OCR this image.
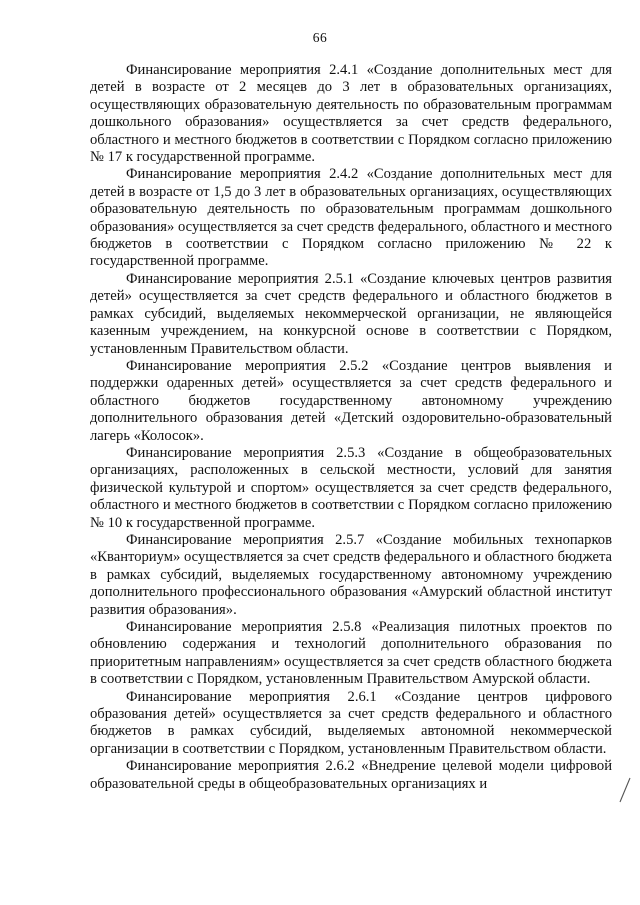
66

Финансирование мероприятия 2.4.1 «Создание дополнительных мест для детей в возрасте от 2 месяцев до 3 лет в образовательных организациях, осуществляющих образовательную деятельность по образовательным программам дошкольного образования» осуществляется за счет средств федерального, областного и местного бюджетов в соответствии с Порядком согласно приложению № 17 к государственной программе.

Финансирование мероприятия 2.4.2 «Создание дополнительных мест для детей в возрасте от 1,5 до 3 лет в образовательных организациях, осуществляющих образовательную деятельность по образовательным программам дошкольного образования» осуществляется за счет средств федерального, областного и местного бюджетов в соответствии с Порядком согласно приложению № 22 к государственной программе.

Финансирование мероприятия 2.5.1 «Создание ключевых центров развития детей» осуществляется за счет средств федерального и областного бюджетов в рамках субсидий, выделяемых некоммерческой организации, не являющейся казенным учреждением, на конкурсной основе в соответствии с Порядком, установленным Правительством области.

Финансирование мероприятия 2.5.2 «Создание центров выявления и поддержки одаренных детей» осуществляется за счет средств федерального и областного бюджетов государственному автономному учреждению дополнительного образования детей «Детский оздоровительно-образовательный лагерь «Колосок».

Финансирование мероприятия 2.5.3 «Создание в общеобразовательных организациях, расположенных в сельской местности, условий для занятия физической культурой и спортом» осуществляется за счет средств федерального, областного и местного бюджетов в соответствии с Порядком согласно приложению № 10 к государственной программе.

Финансирование мероприятия 2.5.7 «Создание мобильных технопарков «Кванториум» осуществляется за счет средств федерального и областного бюджета в рамках субсидий, выделяемых государственному автономному учреждению дополнительного профессионального образования «Амурский областной институт развития образования».

Финансирование мероприятия 2.5.8 «Реализация пилотных проектов по обновлению содержания и технологий дополнительного образования по приоритетным направлениям» осуществляется за счет средств областного бюджета в соответствии с Порядком, установленным Правительством Амурской области.

Финансирование мероприятия 2.6.1 «Создание центров цифрового образования детей» осуществляется за счет средств федерального и областного бюджетов в рамках субсидий, выделяемых автономной некоммерческой организации в соответствии с Порядком, установленным Правительством области.

Финансирование мероприятия 2.6.2 «Внедрение целевой модели цифровой образовательной среды в общеобразовательных организациях и
